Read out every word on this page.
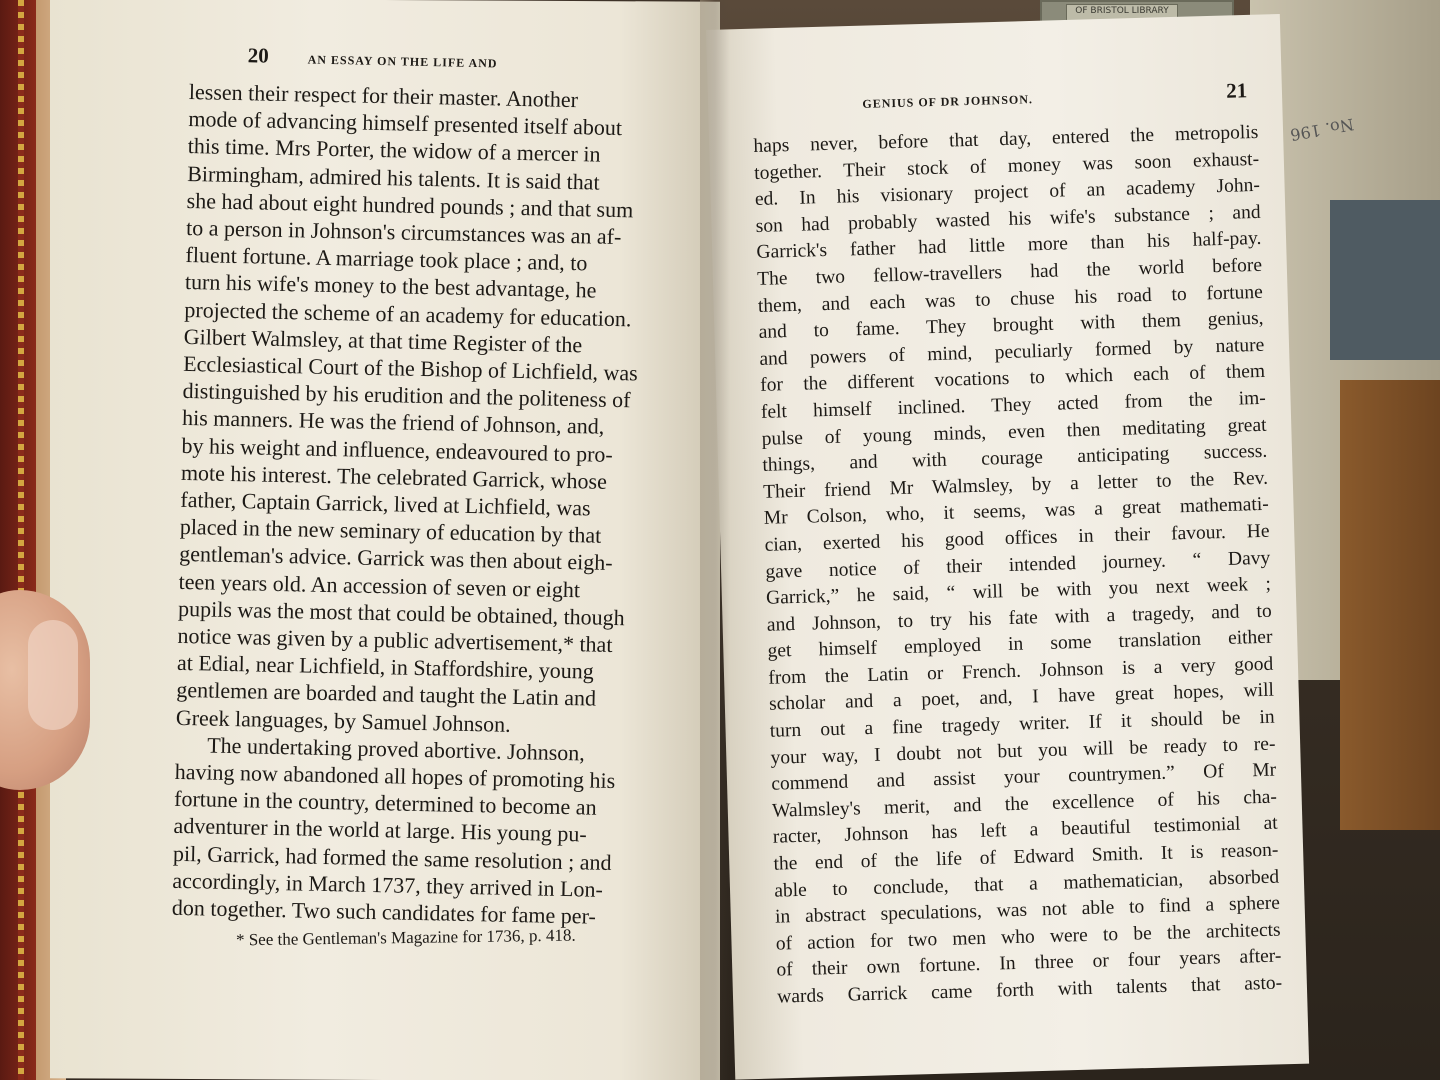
OF BRISTOL LIBRARY
No. 196

20	AN ESSAY ON THE LIFE AND
lessen their respect for their master. Another
mode of advancing himself presented itself about
this time. Mrs Porter, the widow of a mercer in
Birmingham, admired his talents. It is said that
she had about eight hundred pounds ; and that sum
to a person in Johnson's circumstances was an af-
fluent fortune. A marriage took place ; and, to
turn his wife's money to the best advantage, he
projected the scheme of an academy for education.
Gilbert Walmsley, at that time Register of the
Ecclesiastical Court of the Bishop of Lichfield, was
distinguished by his erudition and the politeness of
his manners. He was the friend of Johnson, and,
by his weight and influence, endeavoured to pro-
mote his interest. The celebrated Garrick, whose
father, Captain Garrick, lived at Lichfield, was
placed in the new seminary of education by that
gentleman's advice. Garrick was then about eigh-
teen years old. An accession of seven or eight
pupils was the most that could be obtained, though
notice was given by a public advertisement,* that
at Edial, near Lichfield, in Staffordshire, young
gentlemen are boarded and taught the Latin and
Greek languages, by Samuel Johnson.
The undertaking proved abortive. Johnson,
having now abandoned all hopes of promoting his
fortune in the country, determined to become an
adventurer in the world at large. His young pu-
pil, Garrick, had formed the same resolution ; and
accordingly, in March 1737, they arrived in Lon-
don together. Two such candidates for fame per-
* See the Gentleman's Magazine for 1736, p. 418.
GENIUS OF DR JOHNSON.	21
haps never, before that day, entered the metropolis
together. Their stock of money was soon exhaust-
ed. In his visionary project of an academy John-
son had probably wasted his wife's substance ; and
Garrick's father had little more than his half-pay.
The two fellow-travellers had the world before
them, and each was to chuse his road to fortune
and to fame. They brought with them genius,
and powers of mind, peculiarly formed by nature
for the different vocations to which each of them
felt himself inclined. They acted from the im-
pulse of young minds, even then meditating great
things, and with courage anticipating success.
Their friend Mr Walmsley, by a letter to the Rev.
Mr Colson, who, it seems, was a great mathemati-
cian, exerted his good offices in their favour. He
gave notice of their intended journey. “ Davy
Garrick,” he said, “ will be with you next week ;
and Johnson, to try his fate with a tragedy, and to
get himself employed in some translation either
from the Latin or French. Johnson is a very good
scholar and a poet, and, I have great hopes, will
turn out a fine tragedy writer. If it should be in
your way, I doubt not but you will be ready to re-
commend and assist your countrymen.” Of Mr
Walmsley's merit, and the excellence of his cha-
racter, Johnson has left a beautiful testimonial at
the end of the life of Edward Smith. It is reason-
able to conclude, that a mathematician, absorbed
in abstract speculations, was not able to find a sphere
of action for two men who were to be the architects
of their own fortune. In three or four years after-
wards Garrick came forth with talents that asto-
